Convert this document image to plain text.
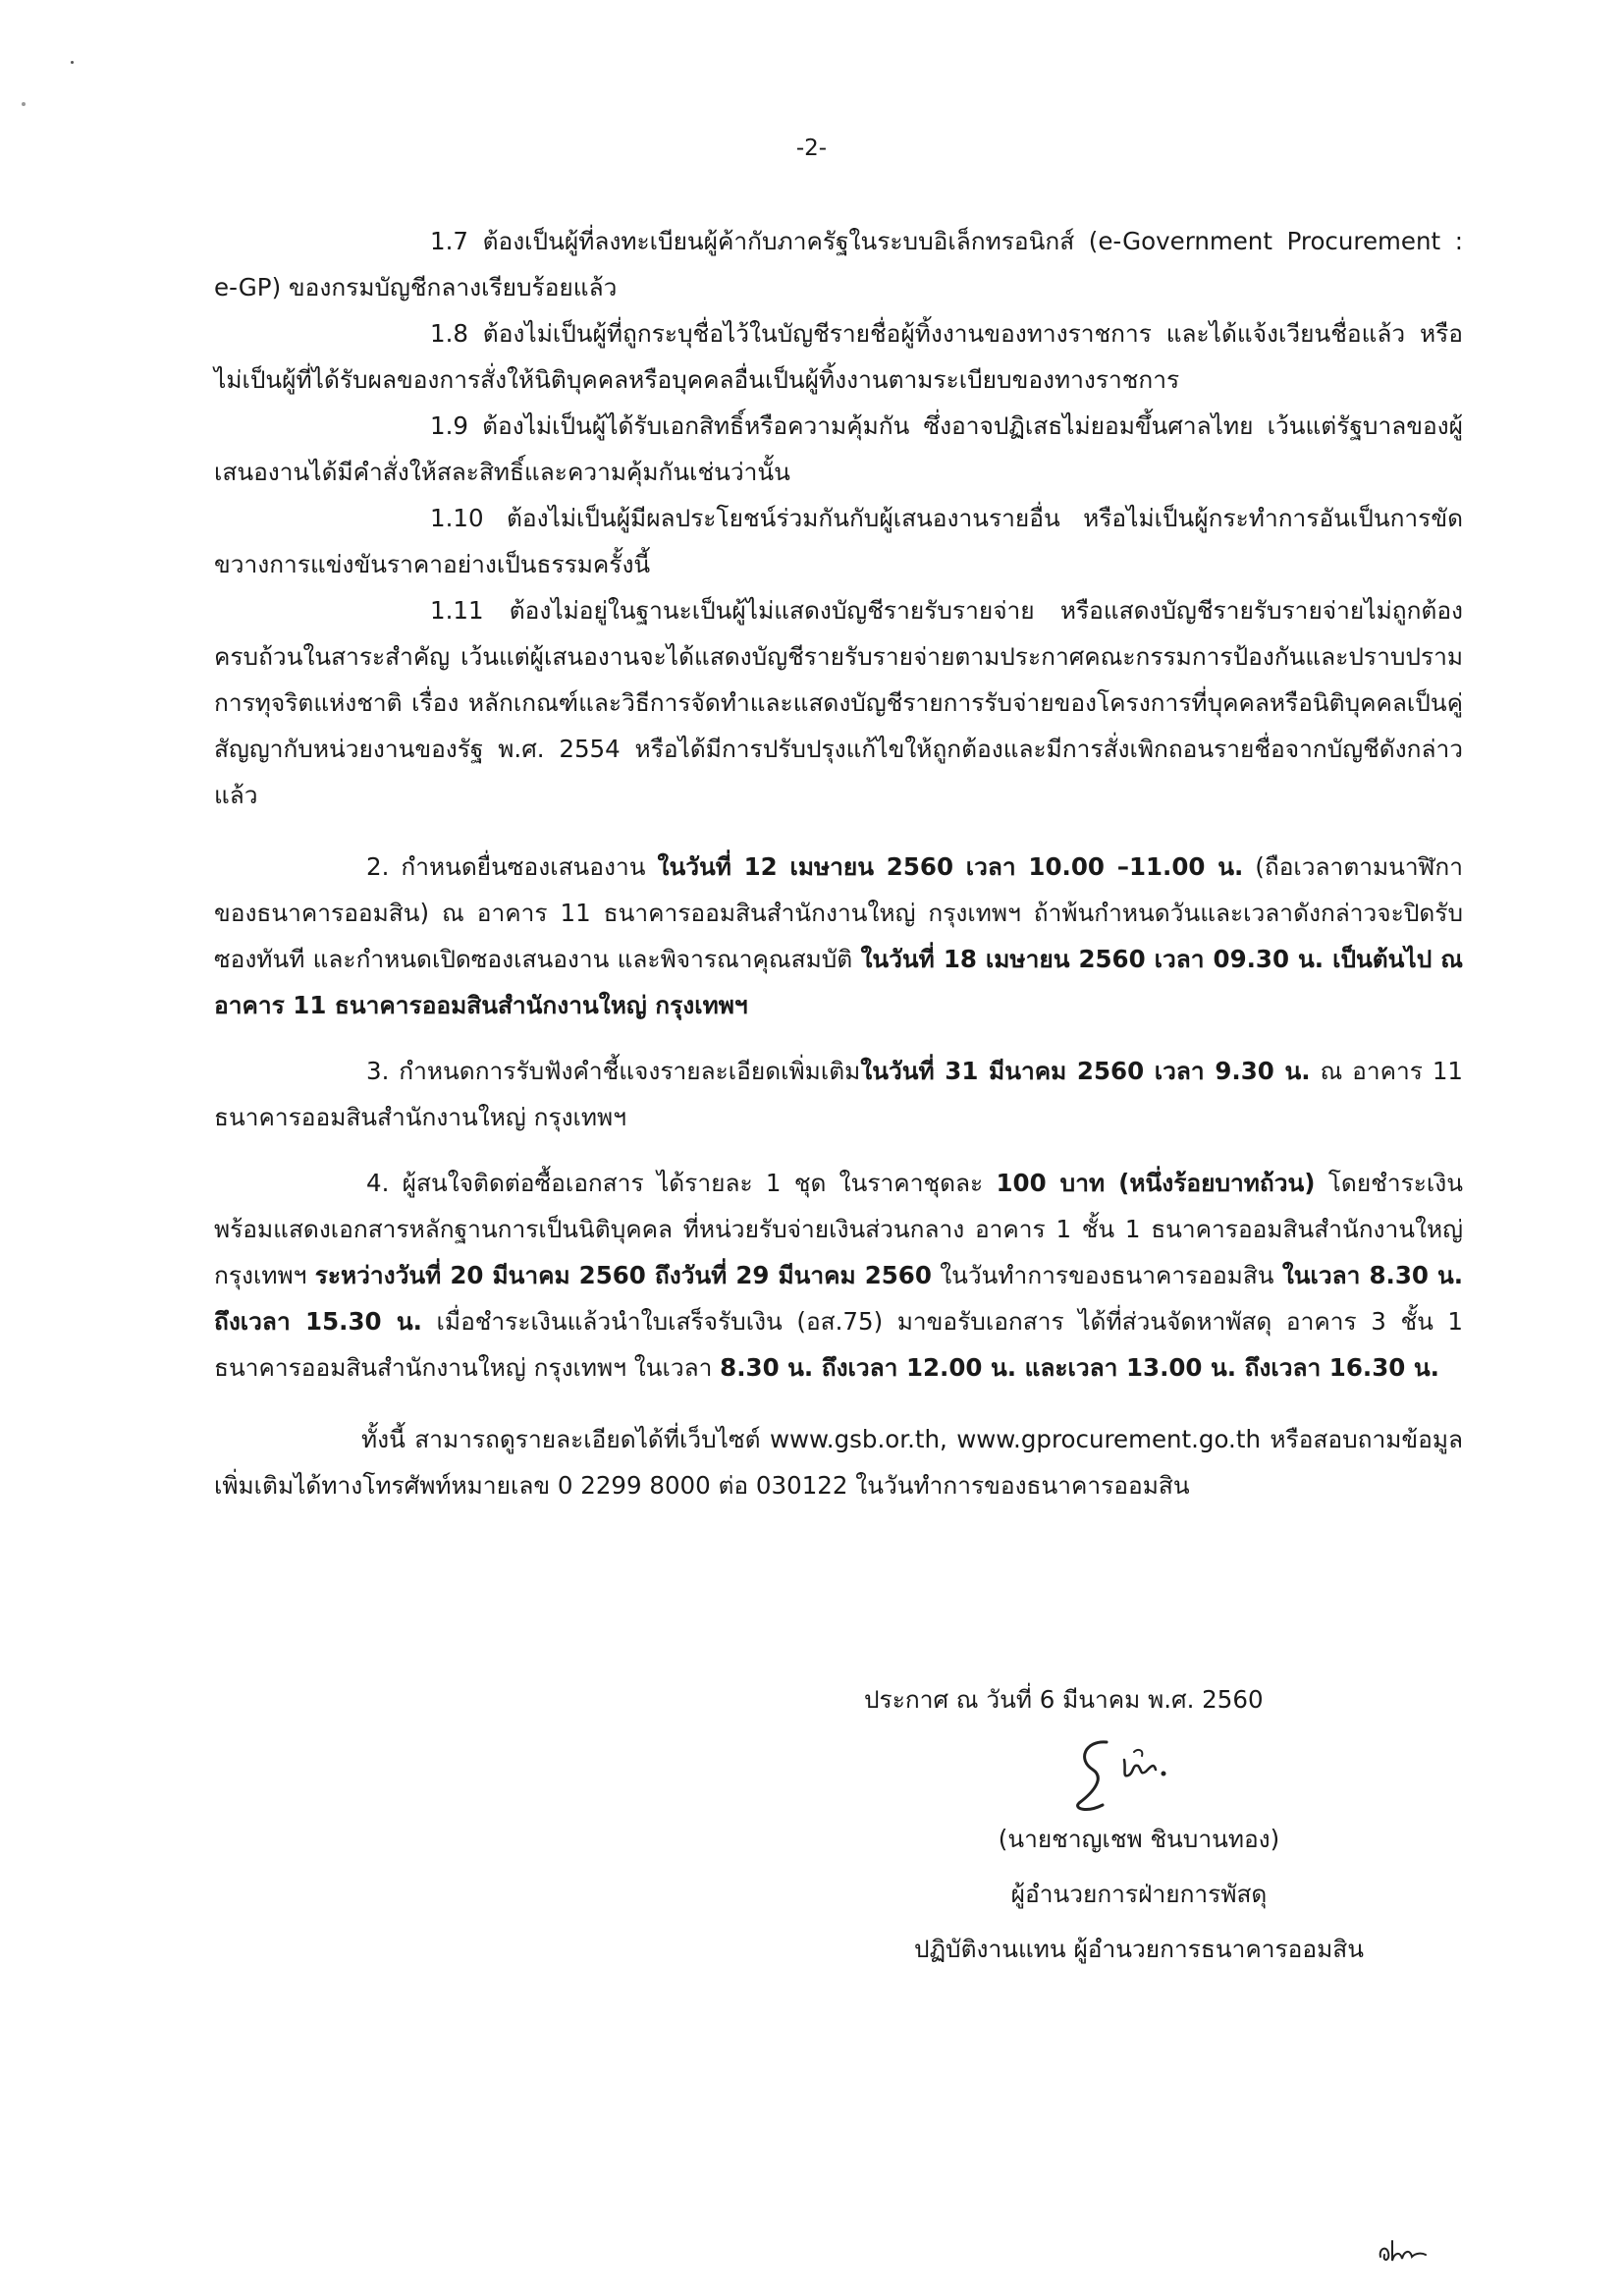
-2-

1.7 ต้องเป็นผู้ที่ลงทะเบียนผู้ค้ากับภาครัฐในระบบอิเล็กทรอนิกส์ (e-Government Procurement : e-GP) ของกรมบัญชีกลางเรียบร้อยแล้ว

1.8 ต้องไม่เป็นผู้ที่ถูกระบุชื่อไว้ในบัญชีรายชื่อผู้ทิ้งงานของทางราชการ และได้แจ้งเวียนชื่อแล้ว หรือไม่เป็นผู้ที่ได้รับผลของการสั่งให้นิติบุคคลหรือบุคคลอื่นเป็นผู้ทิ้งงานตามระเบียบของทางราชการ

1.9 ต้องไม่เป็นผู้ได้รับเอกสิทธิ์หรือความคุ้มกัน ซึ่งอาจปฏิเสธไม่ยอมขึ้นศาลไทย เว้นแต่รัฐบาลของผู้เสนองานได้มีคำสั่งให้สละสิทธิ์และความคุ้มกันเช่นว่านั้น

1.10 ต้องไม่เป็นผู้มีผลประโยชน์ร่วมกันกับผู้เสนองานรายอื่น หรือไม่เป็นผู้กระทำการอันเป็นการขัดขวางการแข่งขันราคาอย่างเป็นธรรมครั้งนี้

1.11 ต้องไม่อยู่ในฐานะเป็นผู้ไม่แสดงบัญชีรายรับรายจ่าย หรือแสดงบัญชีรายรับรายจ่ายไม่ถูกต้อง ครบถ้วนในสาระสำคัญ เว้นแต่ผู้เสนองานจะได้แสดงบัญชีรายรับรายจ่ายตามประกาศคณะกรรมการป้องกันและปราบปรามการทุจริตแห่งชาติ เรื่อง หลักเกณฑ์และวิธีการจัดทำและแสดงบัญชีรายการรับจ่ายของโครงการที่บุคคลหรือนิติบุคคลเป็นคู่สัญญากับหน่วยงานของรัฐ พ.ศ. 2554 หรือได้มีการปรับปรุงแก้ไขให้ถูกต้องและมีการสั่งเพิกถอนรายชื่อจากบัญชีดังกล่าวแล้ว

2. กำหนดยื่นซองเสนองาน ในวันที่ 12 เมษายน 2560 เวลา 10.00 –11.00 น. (ถือเวลาตามนาฬิกาของธนาคารออมสิน) ณ อาคาร 11 ธนาคารออมสินสำนักงานใหญ่ กรุงเทพฯ ถ้าพ้นกำหนดวันและเวลาดังกล่าวจะปิดรับซองทันที และกำหนดเปิดซองเสนองาน และพิจารณาคุณสมบัติ ในวันที่ 18 เมษายน 2560 เวลา 09.30 น. เป็นต้นไป ณ อาคาร 11 ธนาคารออมสินสำนักงานใหญ่ กรุงเทพฯ

3. กำหนดการรับฟังคำชี้แจงรายละเอียดเพิ่มเติมในวันที่ 31 มีนาคม 2560 เวลา 9.30 น. ณ อาคาร 11 ธนาคารออมสินสำนักงานใหญ่ กรุงเทพฯ

4. ผู้สนใจติดต่อซื้อเอกสาร ได้รายละ 1 ชุด ในราคาชุดละ 100 บาท (หนึ่งร้อยบาทถ้วน) โดยชำระเงินพร้อมแสดงเอกสารหลักฐานการเป็นนิติบุคคล ที่หน่วยรับจ่ายเงินส่วนกลาง อาคาร 1 ชั้น 1 ธนาคารออมสินสำนักงานใหญ่ กรุงเทพฯ ระหว่างวันที่ 20 มีนาคม 2560 ถึงวันที่ 29 มีนาคม 2560 ในวันทำการของธนาคารออมสิน ในเวลา 8.30 น. ถึงเวลา 15.30 น. เมื่อชำระเงินแล้วนำใบเสร็จรับเงิน (อส.75) มาขอรับเอกสาร ได้ที่ส่วนจัดหาพัสดุ อาคาร 3 ชั้น 1 ธนาคารออมสินสำนักงานใหญ่ กรุงเทพฯ ในเวลา 8.30 น. ถึงเวลา 12.00 น. และเวลา 13.00 น. ถึงเวลา 16.30 น.

ทั้งนี้ สามารถดูรายละเอียดได้ที่เว็บไซต์ www.gsb.or.th, www.gprocurement.go.th หรือสอบถามข้อมูลเพิ่มเติมได้ทางโทรศัพท์หมายเลข 0 2299 8000 ต่อ 030122 ในวันทำการของธนาคารออมสิน

ประกาศ ณ วันที่ 6 มีนาคม พ.ศ. 2560
(นายชาญเชพ ชินบานทอง)
ผู้อำนวยการฝ่ายการพัสดุ
ปฏิบัติงานแทน ผู้อำนวยการธนาคารออมสิน
